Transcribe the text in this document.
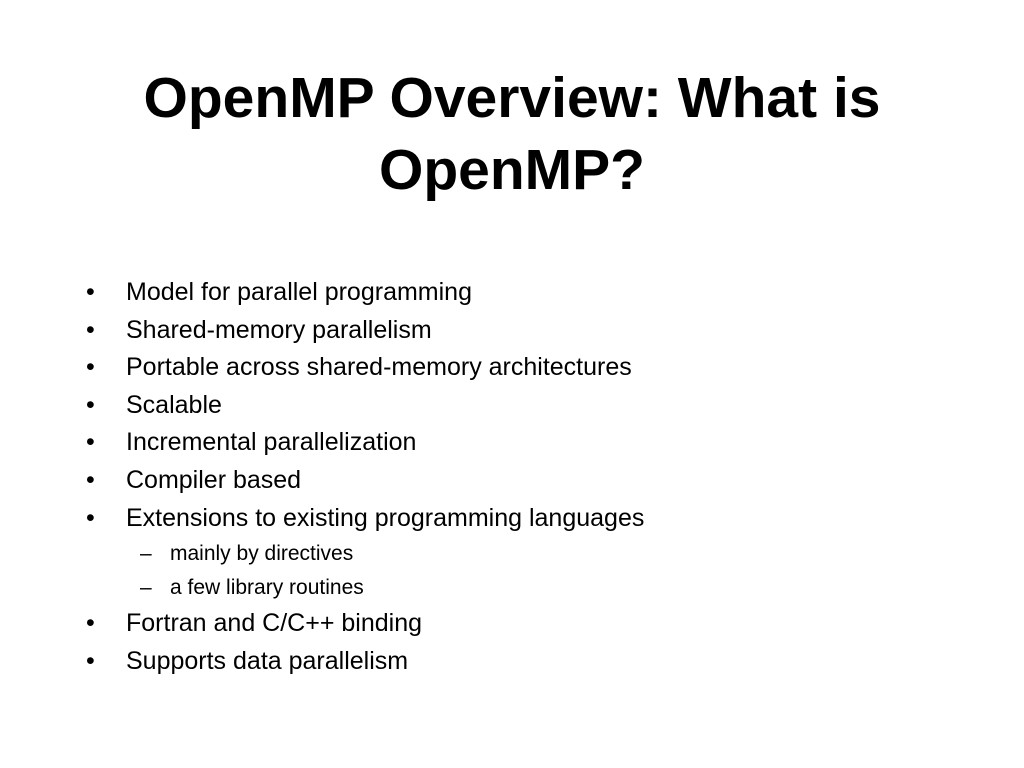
OpenMP Overview: What is OpenMP?
• Model for parallel programming
• Shared-memory parallelism
• Portable across shared-memory architectures
• Scalable
• Incremental parallelization
• Compiler based
• Extensions to existing programming languages
– mainly by directives
– a few library routines
• Fortran and C/C++ binding
• Supports data parallelism
